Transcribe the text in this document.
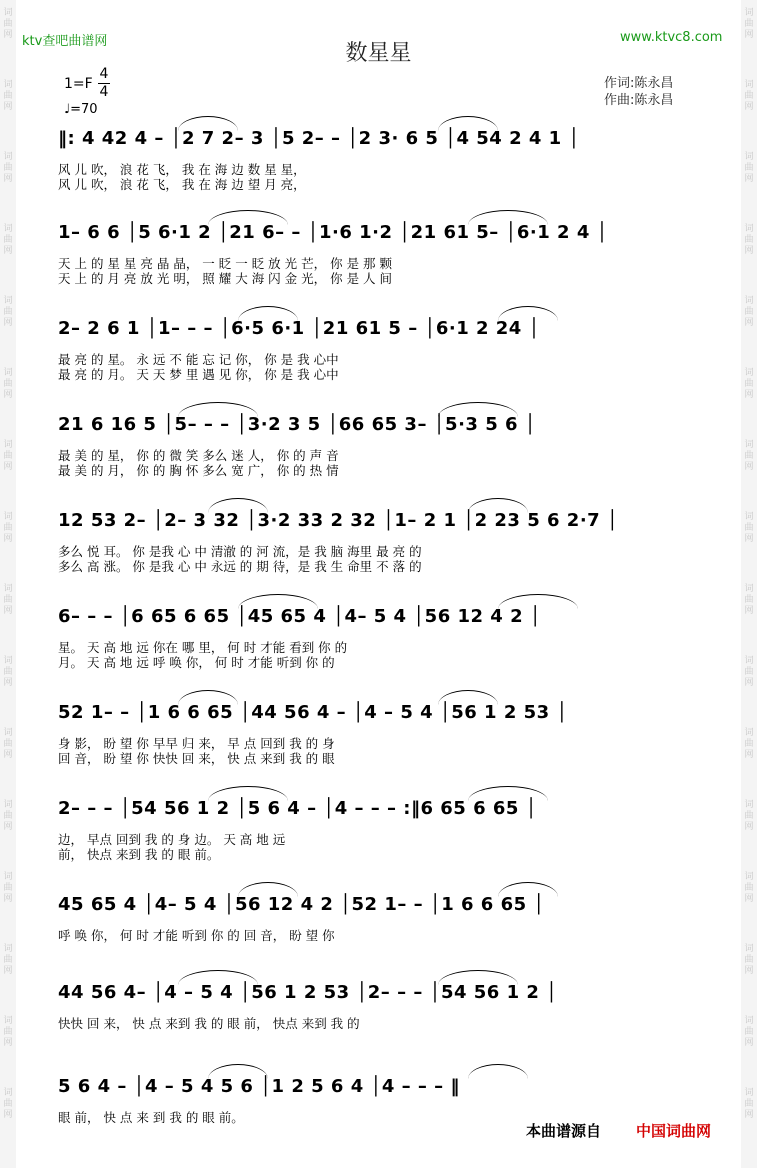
词
曲
网
词
曲
网
词
曲
网
词
曲
网
词
曲
网
词
曲
网
词
曲
网
词
曲
网
词
曲
网
词
曲
网
词
曲
网
词
曲
网
词
曲
网
词
曲
网
词
曲
网
词
曲
网
词
曲
网
词
曲
网
词
曲
网
词
曲
网
词
曲
网
词
曲
网
词
曲
网
词
曲
网
词
曲
网
词
曲
网
词
曲
网
词
曲
网
词
曲
网
词
曲
网
词
曲
网
词
曲
网
ktv查吧曲谱网	www.ktvc8.com
数星星
作词:陈永昌
作曲:陈永昌
1=F
4
4
♩=70
‖: 4 42 4 – │2 7 2– 3 │5 2– – │2 3· 6 5 │4 54 2 4 1 │
风 儿 吹， 浪 花 飞， 我 在 海 边 数 星 星，
风 儿 吹， 浪 花 飞， 我 在 海 边 望 月 亮，
1– 6 6 │5 6·1 2 │21 6– – │1·6 1·2 │21 61 5– │6·1 2 4 │
天 上 的 星 星 亮 晶 晶， 一 眨 一 眨 放 光 芒， 你 是 那 颗
天 上 的 月 亮 放 光 明， 照 耀 大 海 闪 金 光， 你 是 人 间
2– 2 6 1 │1– – – │6·5 6·1 │21 61 5 – │6·1 2 24 │
最 亮 的 星。 永 远 不 能 忘 记 你， 你 是 我 心中
最 亮 的 月。 天 天 梦 里 遇 见 你， 你 是 我 心中
21 6 16 5 │5– – – │3·2 3 5 │66 65 3– │5·3 5 6 │
最 美 的 星， 你 的 微 笑 多么 迷 人， 你 的 声 音
最 美 的 月， 你 的 胸 怀 多么 宽 广， 你 的 热 情
12 53 2– │2– 3 32 │3·2 33 2 32 │1– 2 1 │2 23 5 6 2·7 │
多么 悦 耳。 你 是我 心 中 清澈 的 河 流，是 我 脑 海里 最 亮 的
多么 高 涨。 你 是我 心 中 永远 的 期 待，是 我 生 命里 不 落 的
6– – – │6 65 6 65 │45 65 4 │4– 5 4 │56 12 4 2 │
星。 天 高 地 远 你在 哪 里， 何 时 才能 看到 你 的
月。 天 高 地 远 呼 唤 你， 何 时 才能 听到 你 的
52 1– – │1 6 6 65 │44 56 4 – │4 – 5 4 │56 1 2 53 │
身 影， 盼 望 你 早早 归 来， 早 点 回到 我 的 身
回 音， 盼 望 你 快快 回 来， 快 点 来到 我 的 眼
2– – – │54 56 1 2 │5 6 4 – │4 – – – :‖6 65 6 65 │
边， 早点 回到 我 的 身 边。 天 高 地 远
前， 快点 来到 我 的 眼 前。
45 65 4 │4– 5 4 │56 12 4 2 │52 1– – │1 6 6 65 │
呼 唤 你， 何 时 才能 听到 你 的 回 音， 盼 望 你
44 56 4– │4 – 5 4 │56 1 2 53 │2– – – │54 56 1 2 │
快快 回 来， 快 点 来到 我 的 眼 前， 快点 来到 我 的
5 6 4 – │4 – 5 4 5 6 │1 2 5 6 4 │4 – – – ‖
眼 前， 快 点 来 到 我 的 眼 前。
本曲谱源自 中国词曲网
